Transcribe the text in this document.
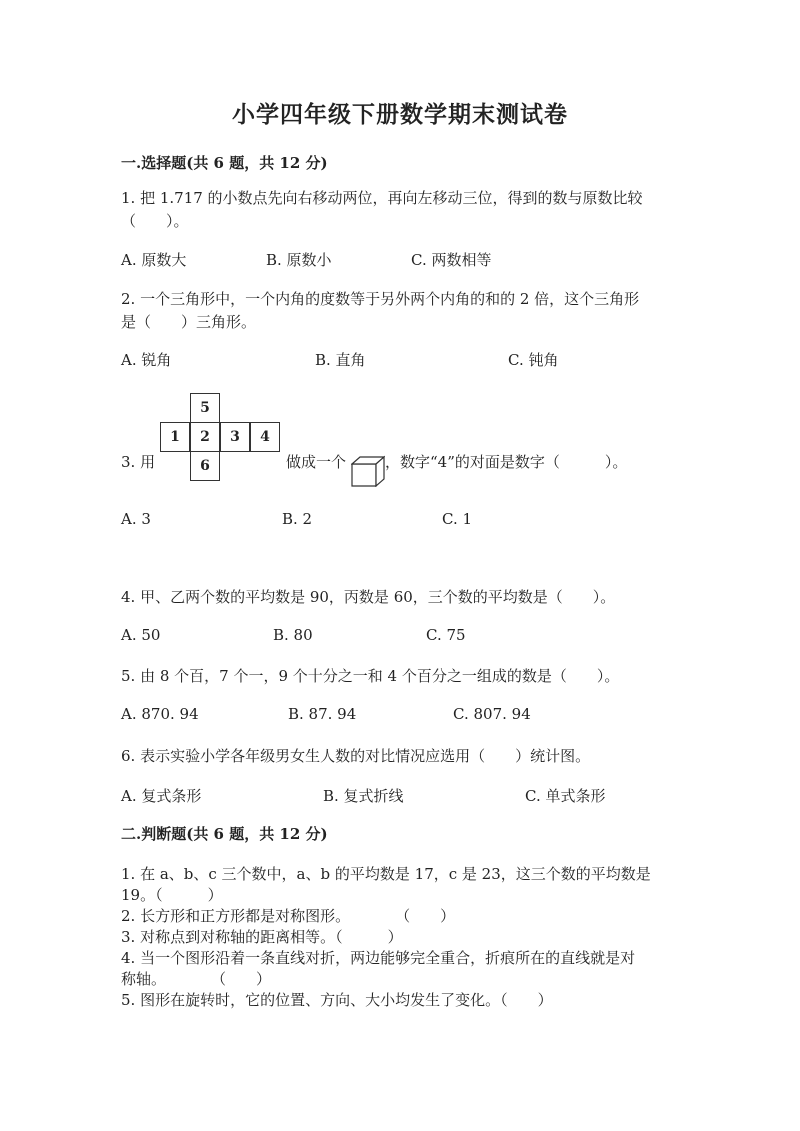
小学四年级下册数学期末测试卷
一.选择题(共 6 题，共 12 分)
1. 把 1.717 的小数点先向右移动两位，再向左移动三位，得到的数与原数比较
（　　）。
A. 原数大	B. 原数小	C. 两数相等
2. 一个三角形中，一个内角的度数等于另外两个内角的和的 2 倍，这个三角形
是（　　）三角形。
A. 锐角	B. 直角	C. 钝角
3. 用
5
1	2	3	4
6	做成一个	，数字“4”的对面是数字（　　　）。
A. 3	B. 2	C. 1
4. 甲、乙两个数的平均数是 90，丙数是 60，三个数的平均数是（　　）。
A. 50	B. 80	C. 75
5. 由 8 个百，7 个一，9 个十分之一和 4 个百分之一组成的数是（　　）。
A. 870. 94	B. 87. 94	C. 807. 94
6. 表示实验小学各年级男女生人数的对比情况应选用（　　）统计图。
A. 复式条形	B. 复式折线	C. 单式条形
二.判断题(共 6 题，共 12 分)
1. 在 a、b、c 三个数中，a、b 的平均数是 17，c 是 23，这三个数的平均数是
19。（　　　）
2. 长方形和正方形都是对称图形。　　　　（　　）
3. 对称点到对称轴的距离相等。（　　　）
4. 当一个图形沿着一条直线对折，两边能够完全重合，折痕所在的直线就是对
称轴。　　　　（　　）
5. 图形在旋转时，它的位置、方向、大小均发生了变化。（　　）
